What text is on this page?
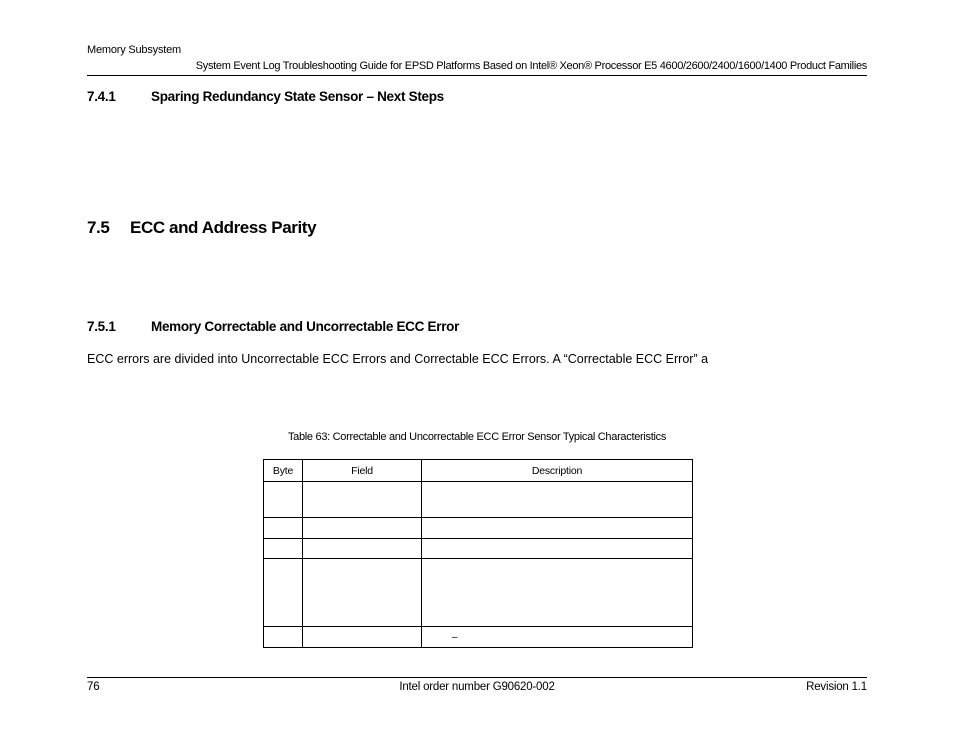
Memory Subsystem
System Event Log Troubleshooting Guide for EPSD Platforms Based on Intel® Xeon® Processor E5 4600/2600/2400/1600/1400 Product Families
7.4.1	Sparing Redundancy State Sensor – Next Steps
7.5 ECC and Address Parity
7.5.1	Memory Correctable and Uncorrectable ECC Error
ECC errors are divided into Uncorrectable ECC Errors and Correctable ECC Errors. A “Correctable ECC Error” a
Table 63: Correctable and Uncorrectable ECC Error Sensor Typical Characteristics
Byte	Field	Description

		–
76	Intel order number G90620-002	Revision 1.1
